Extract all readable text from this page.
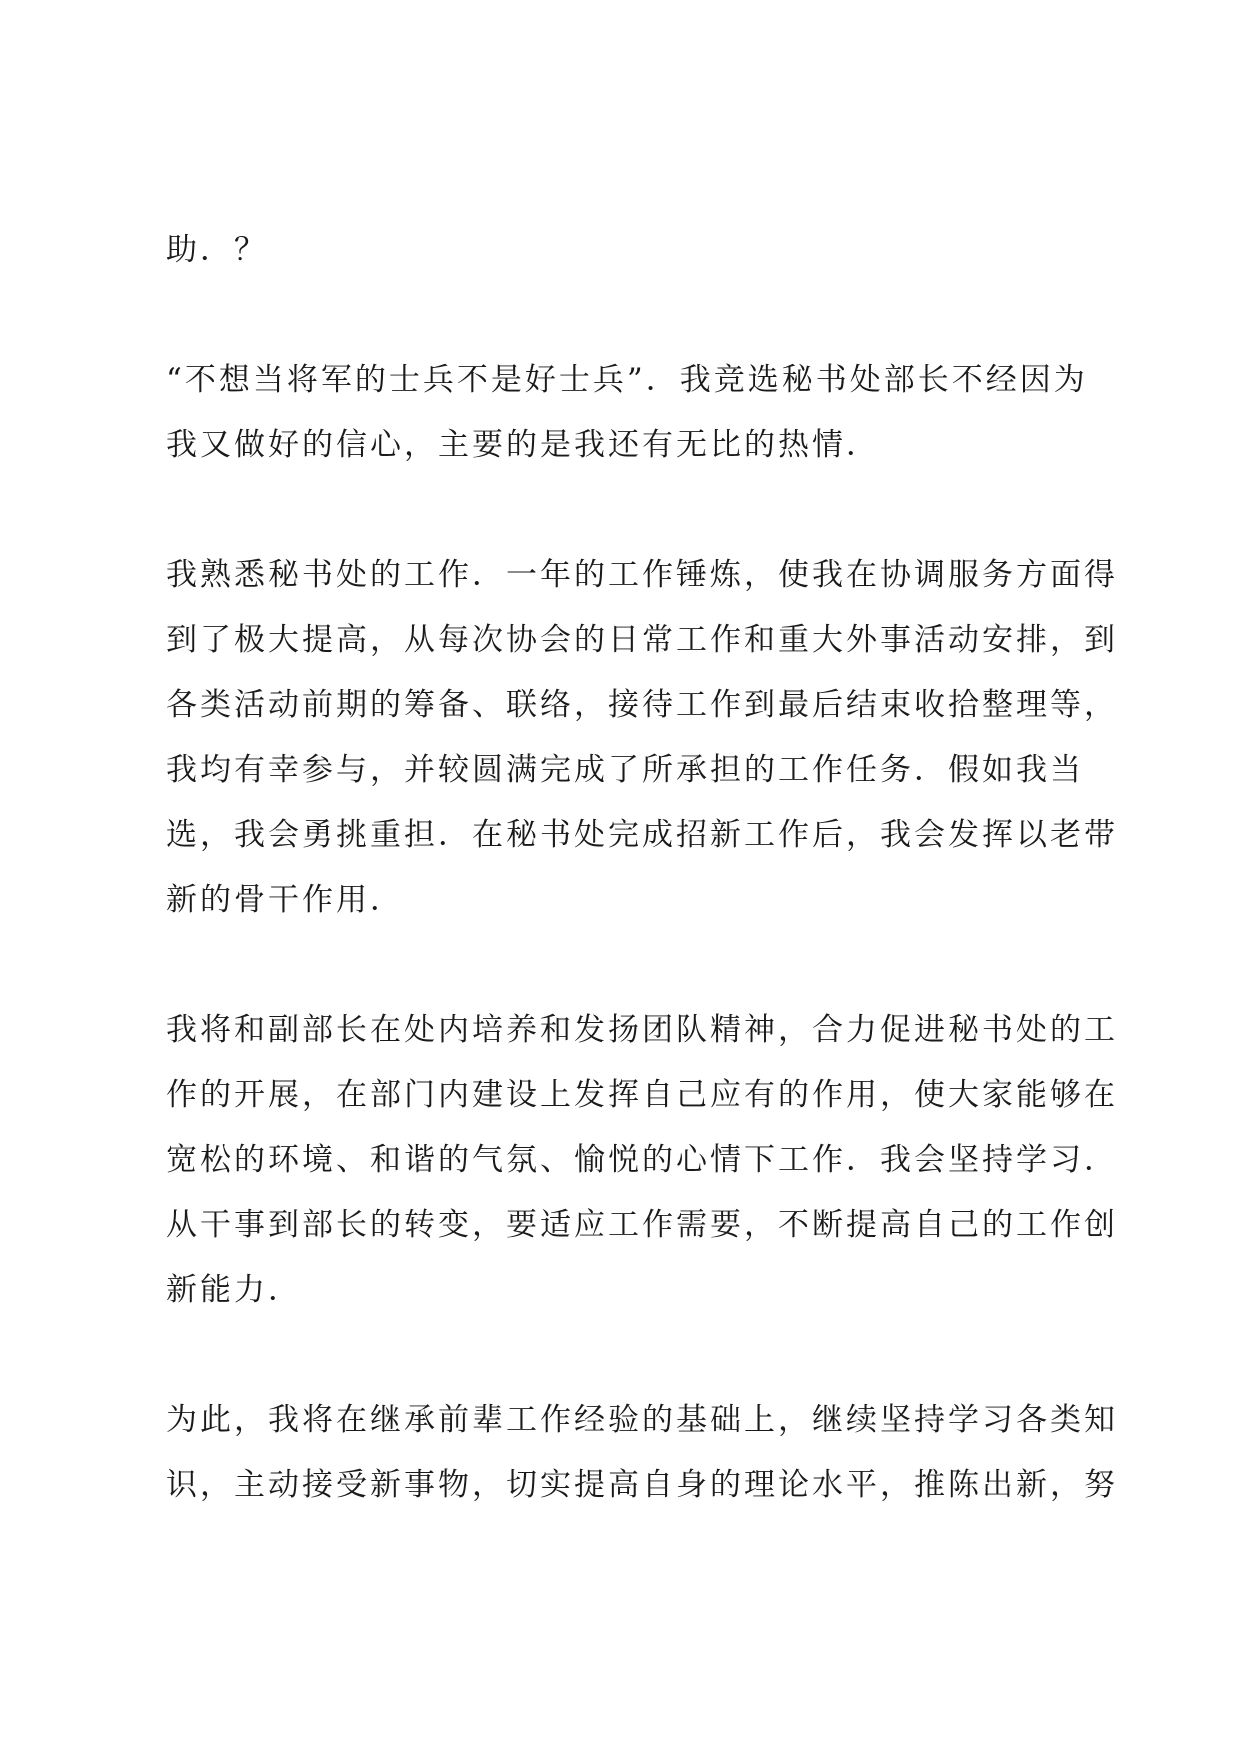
助．？
“不想当将军的士兵不是好士兵”．我竞选秘书处部长不经因为
我又做好的信心，主要的是我还有无比的热情．
我熟悉秘书处的工作．一年的工作锤炼，使我在协调服务方面得
到了极大提高，从每次协会的日常工作和重大外事活动安排，到
各类活动前期的筹备、联络，接待工作到最后结束收拾整理等，
我均有幸参与，并较圆满完成了所承担的工作任务．假如我当
选，我会勇挑重担．在秘书处完成招新工作后，我会发挥以老带
新的骨干作用．
我将和副部长在处内培养和发扬团队精神，合力促进秘书处的工
作的开展，在部门内建设上发挥自己应有的作用，使大家能够在
宽松的环境、和谐的气氛、愉悦的心情下工作．我会坚持学习．
从干事到部长的转变，要适应工作需要，不断提高自己的工作创
新能力．
为此，我将在继承前辈工作经验的基础上，继续坚持学习各类知
识，主动接受新事物，切实提高自身的理论水平，推陈出新，努
